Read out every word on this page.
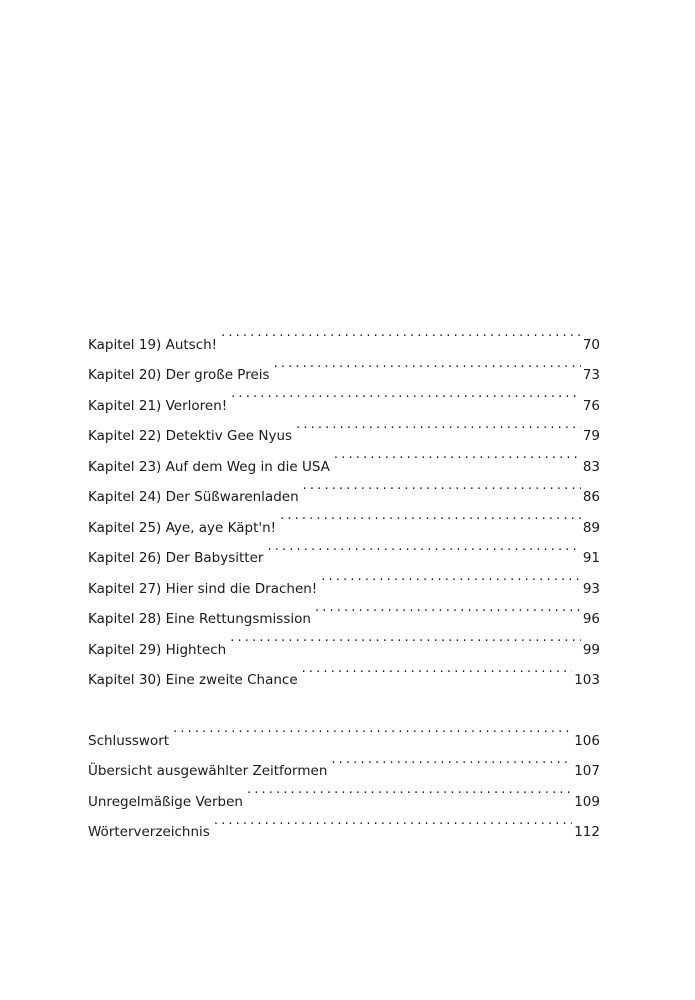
Kapitel 19) Autsch! . . .	70
Kapitel 20) Der große Preis . . .	73
Kapitel 21) Verloren! . . .	76
Kapitel 22) Detektiv Gee Nyus . . .	79
Kapitel 23) Auf dem Weg in die USA . . .	83
Kapitel 24) Der Süßwarenladen . . .	86
Kapitel 25) Aye, aye Käpt'n! . . .	89
Kapitel 26) Der Babysitter . . .	91
Kapitel 27) Hier sind die Drachen! . . .	93
Kapitel 28) Eine Rettungsmission . . .	96
Kapitel 29) Hightech . . .	99
Kapitel 30) Eine zweite Chance . . .	103
Schlusswort . . .	106
Übersicht ausgewählter Zeitformen . . .	107
Unregelmäßige Verben . . .	109
Wörterverzeichnis . . .	112
